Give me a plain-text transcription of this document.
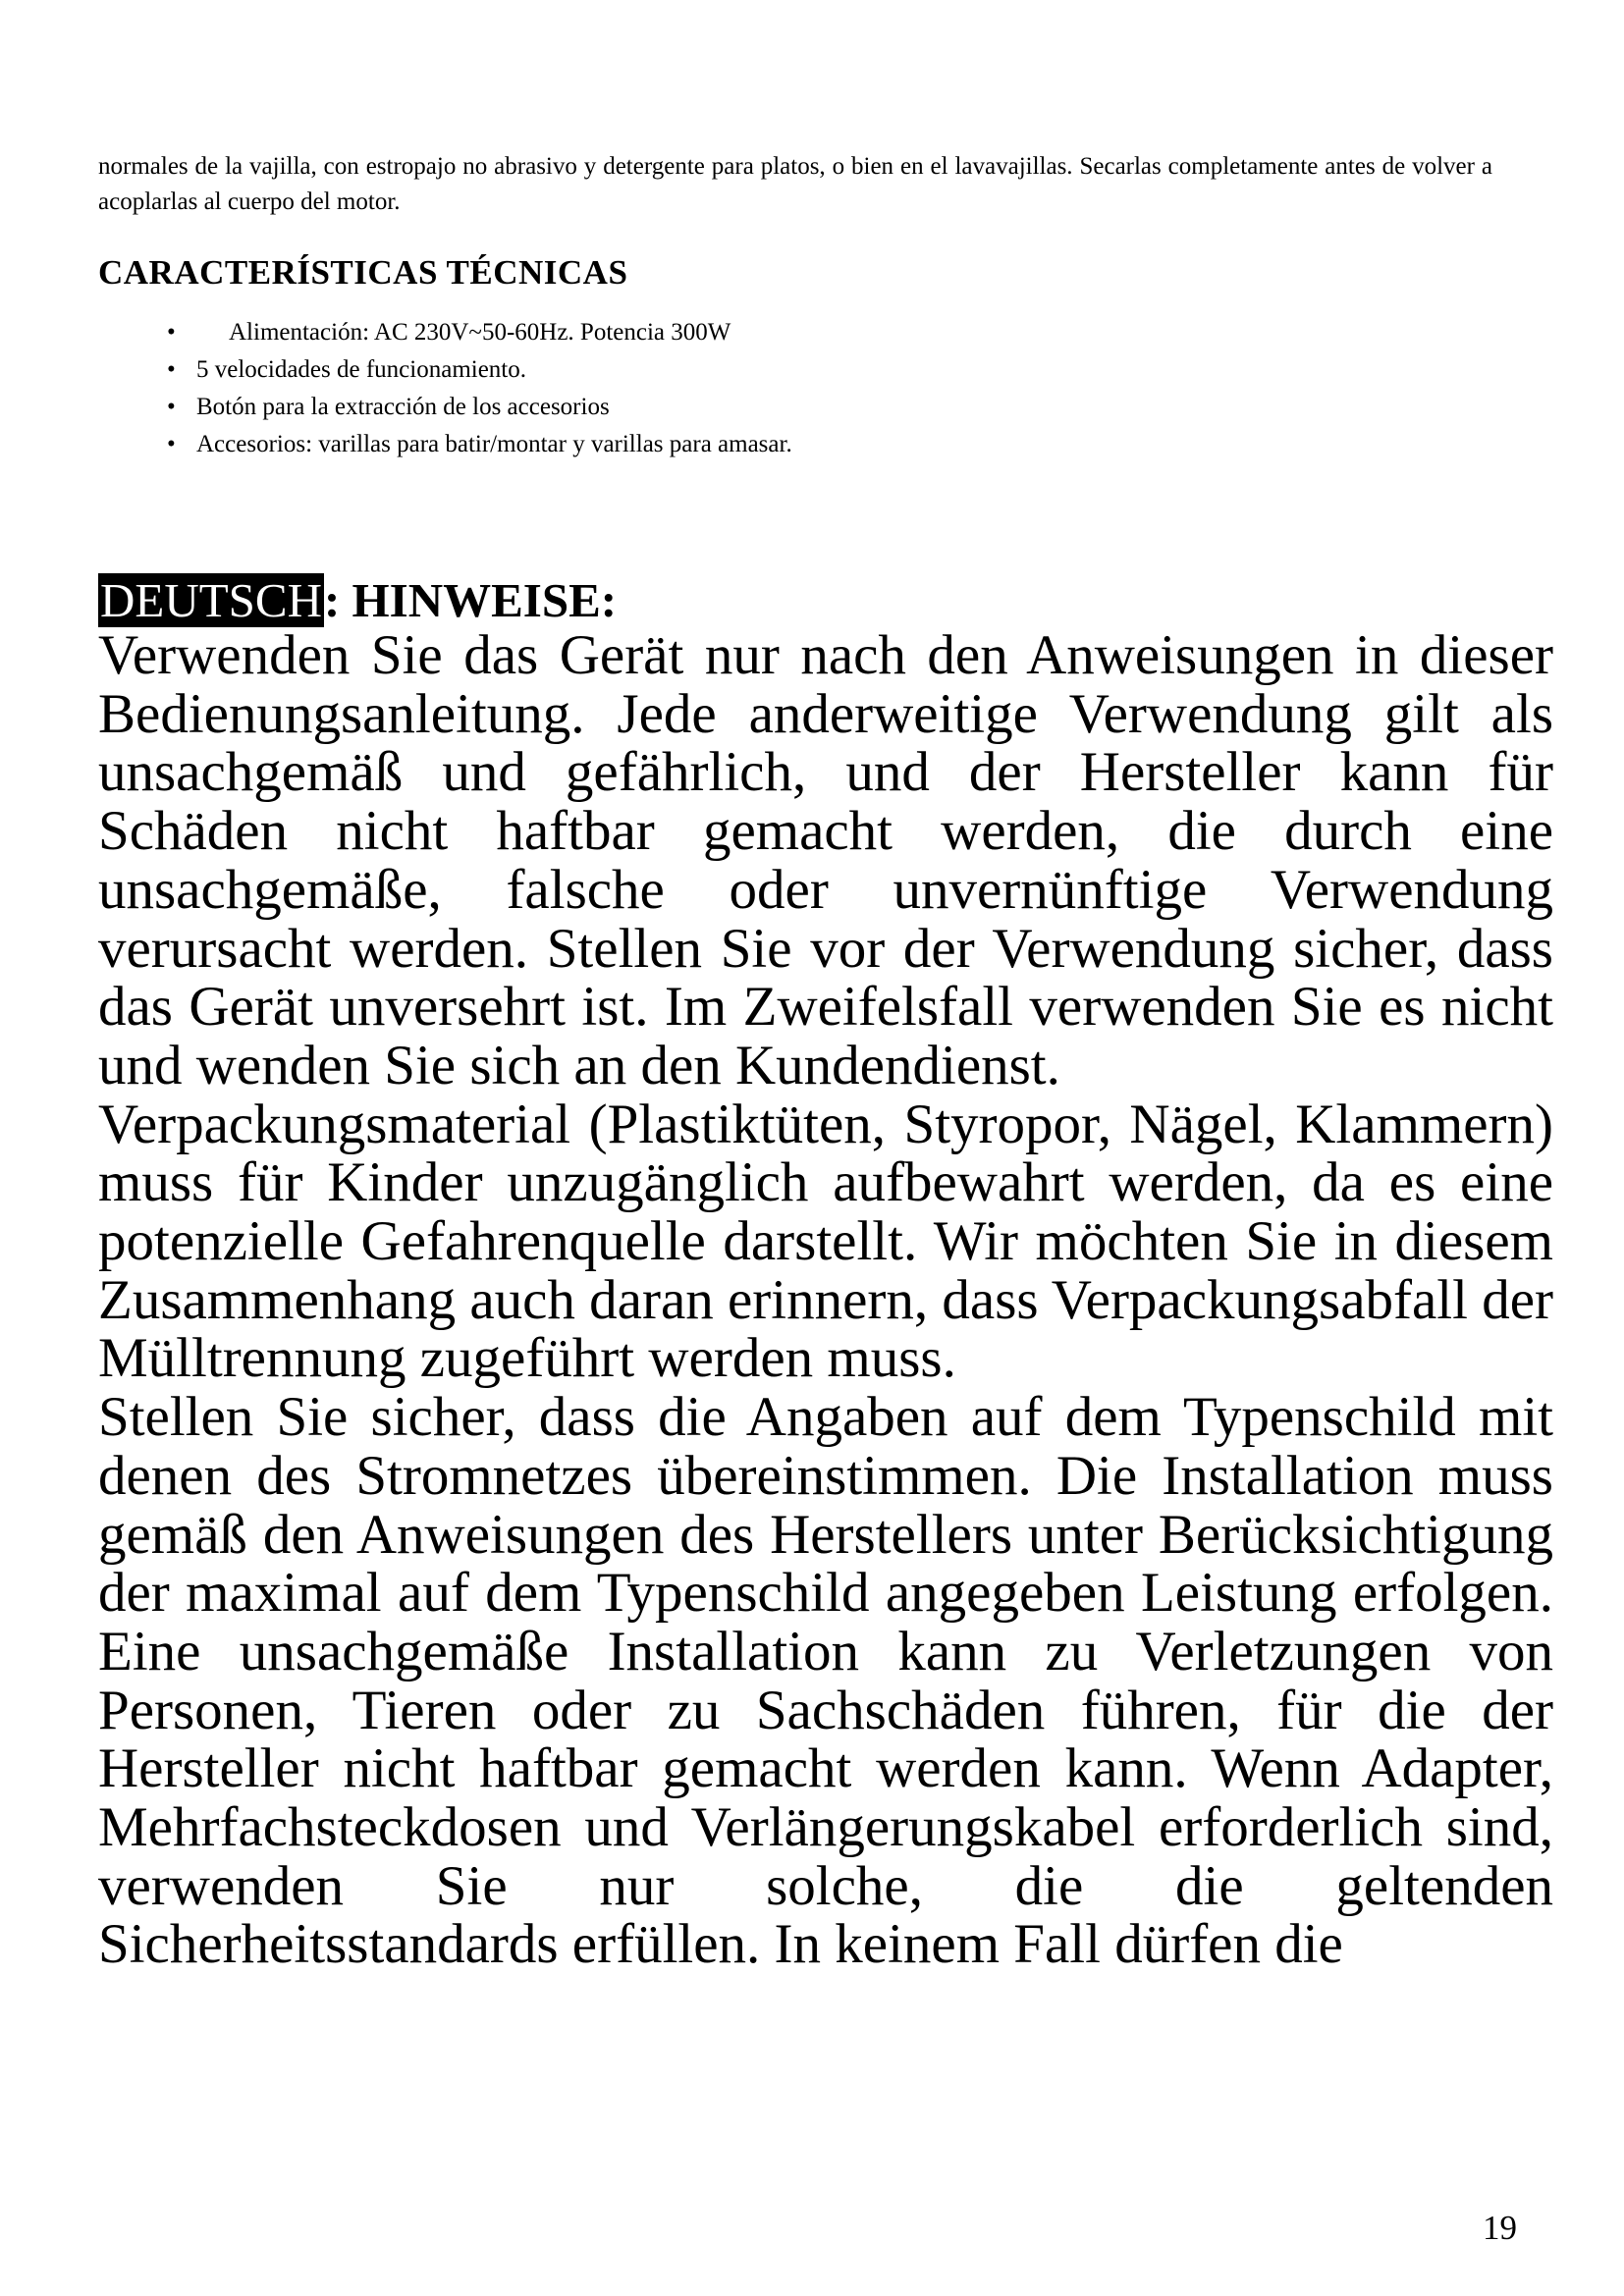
normales de la vajilla, con estropajo no abrasivo y detergente para platos, o bien en el lavavajillas. Secarlas completamente antes de volver a acoplarlas al cuerpo del motor.

CARACTERÍSTICAS TÉCNICAS
• Alimentación: AC 230V~50-60Hz. Potencia 300W
• 5 velocidades de funcionamiento.
• Botón para la extracción de los accesorios
• Accesorios: varillas para batir/montar y varillas para amasar.
DEUTSCH: HINWEISE:

Verwenden Sie das Gerät nur nach den Anweisungen in dieser Bedienungsanleitung. Jede anderweitige Verwendung gilt als unsachgemäß und gefährlich, und der Hersteller kann für Schäden nicht haftbar gemacht werden, die durch eine unsachgemäße, falsche oder unvernünftige Verwendung verursacht werden. Stellen Sie vor der Verwendung sicher, dass das Gerät unversehrt ist. Im Zweifelsfall verwenden Sie es nicht und wenden Sie sich an den Kundendienst.

Verpackungsmaterial (Plastiktüten, Styropor, Nägel, Klammern) muss für Kinder unzugänglich aufbewahrt werden, da es eine potenzielle Gefahrenquelle darstellt. Wir möchten Sie in diesem Zusammenhang auch daran erinnern, dass Verpackungsabfall der Mülltrennung zugeführt werden muss.

Stellen Sie sicher, dass die Angaben auf dem Typenschild mit denen des Stromnetzes übereinstimmen. Die Installation muss gemäß den Anweisungen des Herstellers unter Berücksichtigung der maximal auf dem Typenschild angegeben Leistung erfolgen. Eine unsachgemäße Installation kann zu Verletzungen von Personen, Tieren oder zu Sachschäden führen, für die der Hersteller nicht haftbar gemacht werden kann. Wenn Adapter, Mehrfachsteckdosen und Verlängerungskabel erforderlich sind, verwenden Sie nur solche, die die geltenden Sicherheitsstandards erfüllen. In keinem Fall dürfen die

19
